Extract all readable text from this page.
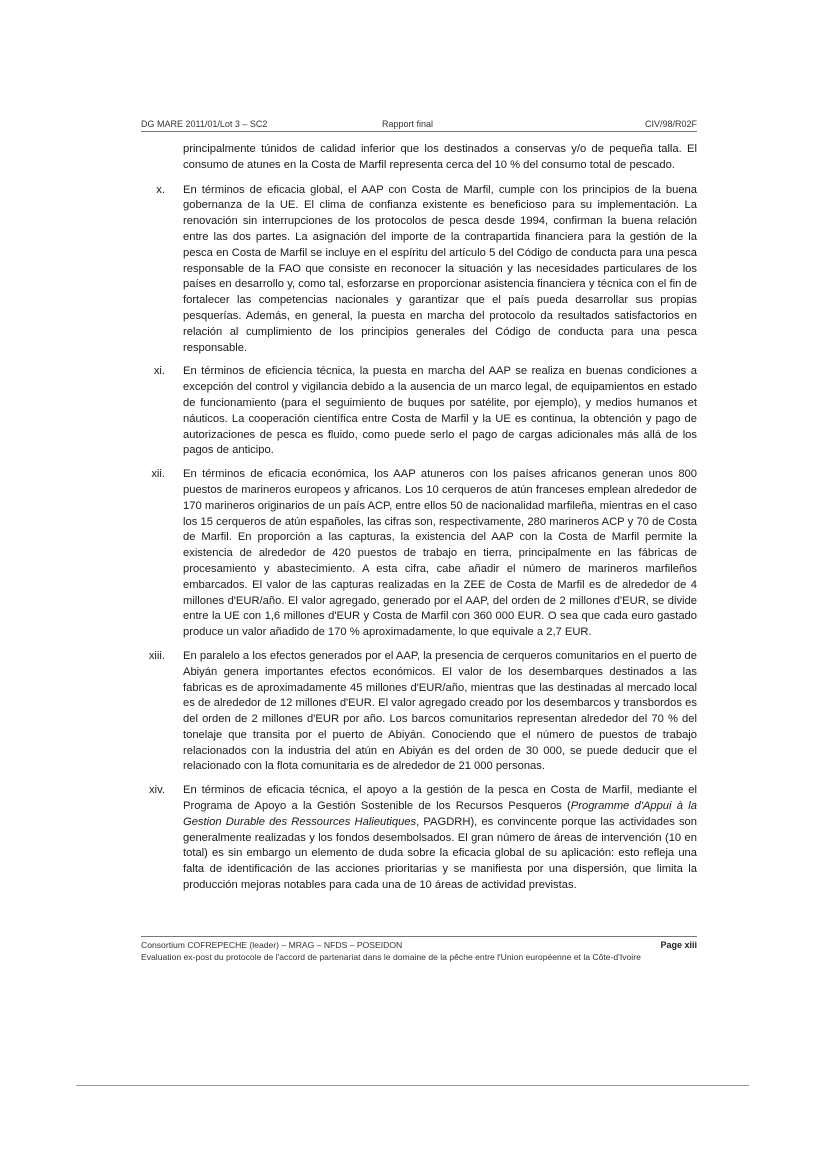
DG MARE 2011/01/Lot 3 – SC2	Rapport final	CIV/98/R02F
principalmente túnidos de calidad inferior que los destinados a conservas y/o de pequeña talla. El consumo de atunes en la Costa de Marfil representa cerca del 10 % del consumo total de pescado.
x. En términos de eficacia global, el AAP con Costa de Marfil, cumple con los principios de la buena gobernanza de la UE. El clima de confianza existente es beneficioso para su implementación. La renovación sin interrupciones de los protocolos de pesca desde 1994, confirman la buena relación entre las dos partes. La asignación del importe de la contrapartida financiera para la gestión de la pesca en Costa de Marfil se incluye en el espíritu del artículo 5 del Código de conducta para una pesca responsable de la FAO que consiste en reconocer la situación y las necesidades particulares de los países en desarrollo y, como tal, esforzarse en proporcionar asistencia financiera y técnica con el fin de fortalecer las competencias nacionales y garantizar que el país pueda desarrollar sus propias pesquerías. Además, en general, la puesta en marcha del protocolo da resultados satisfactorios en relación al cumplimiento de los principios generales del Código de conducta para una pesca responsable.
xi. En términos de eficiencia técnica, la puesta en marcha del AAP se realiza en buenas condiciones a excepción del control y vigilancia debido a la ausencia de un marco legal, de equipamientos en estado de funcionamiento (para el seguimiento de buques por satélite, por ejemplo), y medios humanos et náuticos. La cooperación científica entre Costa de Marfil y la UE es continua, la obtención y pago de autorizaciones de pesca es fluido, como puede serlo el pago de cargas adicionales más allá de los pagos de anticipo.
xii. En términos de eficacia económica, los AAP atuneros con los países africanos generan unos 800 puestos de marineros europeos y africanos. Los 10 cerqueros de atún franceses emplean alrededor de 170 marineros originarios de un país ACP, entre ellos 50 de nacionalidad marfileña, mientras en el caso los 15 cerqueros de atún españoles, las cifras son, respectivamente, 280 marineros ACP y 70 de Costa de Marfil. En proporción a las capturas, la existencia del AAP con la Costa de Marfil permite la existencia de alrededor de 420 puestos de trabajo en tierra, principalmente en las fábricas de procesamiento y abastecimiento. A esta cifra, cabe añadir el número de marineros marfileños embarcados. El valor de las capturas realizadas en la ZEE de Costa de Marfil es de alrededor de 4 millones d'EUR/año. El valor agregado, generado por el AAP, del orden de 2 millones d'EUR, se divide entre la UE con 1,6 millones d'EUR y Costa de Marfil con 360 000 EUR. O sea que cada euro gastado produce un valor añadido de 170 % aproximadamente, lo que equivale a 2,7 EUR.
xiii. En paralelo a los efectos generados por el AAP, la presencia de cerqueros comunitarios en el puerto de Abiyán genera importantes efectos económicos. El valor de los desembarques destinados a las fabricas es de aproximadamente 45 millones d'EUR/año, mientras que las destinadas al mercado local es de alrededor de 12 millones d'EUR. El valor agregado creado por los desembarcos y transbordos es del orden de 2 millones d'EUR por año. Los barcos comunitarios representan alrededor del 70 % del tonelaje que transita por el puerto de Abiyán. Conociendo que el número de puestos de trabajo relacionados con la industria del atún en Abiyán es del orden de 30 000, se puede deducir que el relacionado con la flota comunitaria es de alrededor de 21 000 personas.
xiv. En términos de eficacia técnica, el apoyo a la gestión de la pesca en Costa de Marfil, mediante el Programa de Apoyo a la Gestión Sostenible de los Recursos Pesqueros (Programme d'Appui à la Gestion Durable des Ressources Halieutiques, PAGDRH), es convincente porque las actividades son generalmente realizadas y los fondos desembolsados. El gran número de áreas de intervención (10 en total) es sin embargo un elemento de duda sobre la eficacia global de su aplicación: esto refleja una falta de identificación de las acciones prioritarias y se manifiesta por una dispersión, que limita la producción mejoras notables para cada una de 10 áreas de actividad previstas.
Consortium COFREPECHE (leader) – MRAG – NFDS – POSEIDON	Page xiii
Evaluation ex-post du protocole de l'accord de partenariat dans le domaine de la pêche entre l'Union européenne et la Côte-d'Ivoire
